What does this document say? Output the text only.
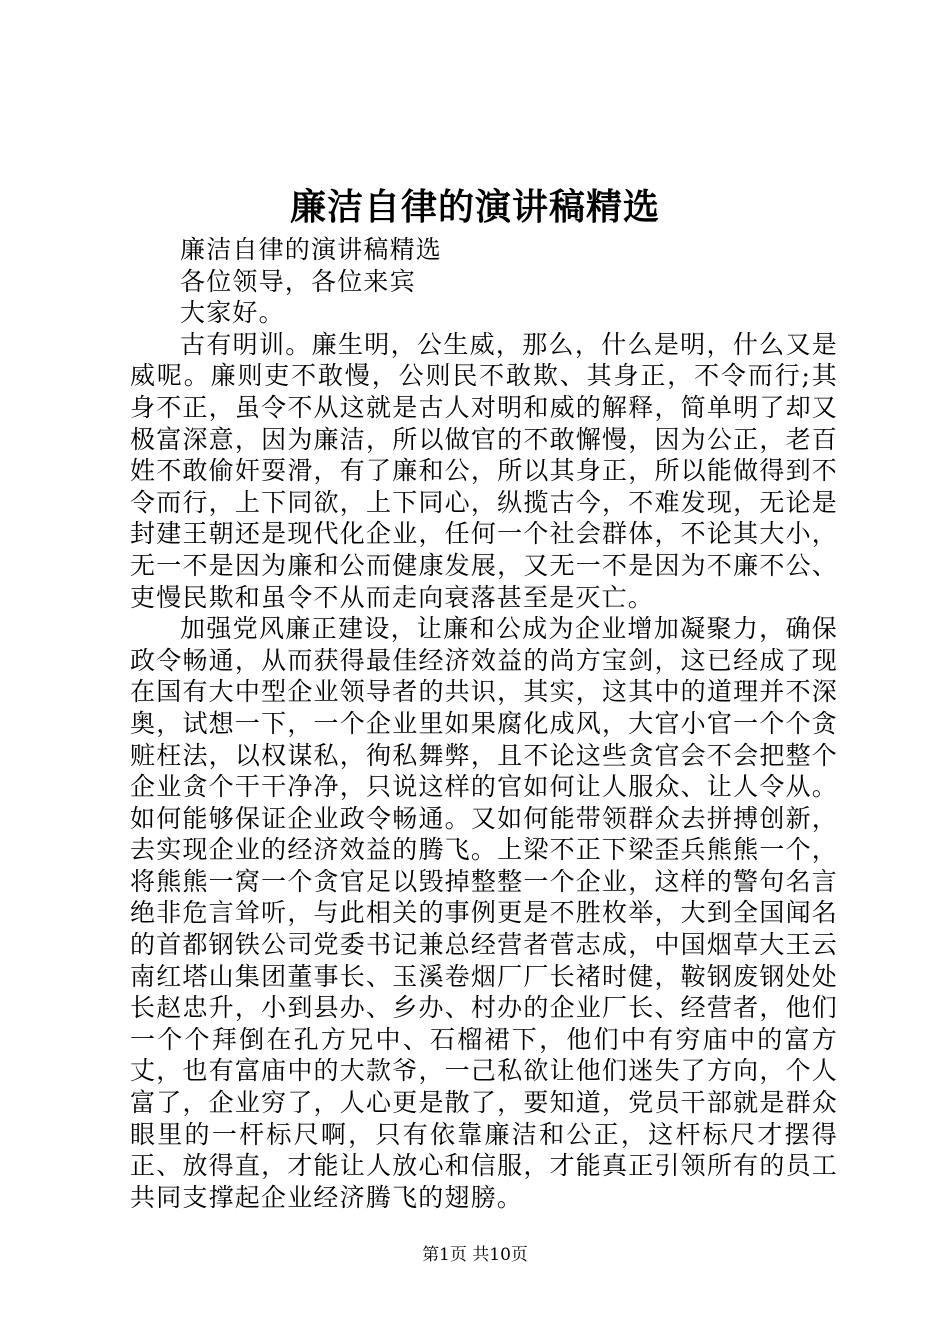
廉洁自律的演讲稿精选

廉洁自律的演讲稿精选

各位领导，各位来宾

大家好。

古有明训。廉生明，公生威，那么，什么是明，什么又是威呢。廉则吏不敢慢，公则民不敢欺、其身正，不令而行;其身不正，虽令不从这就是古人对明和威的解释，简单明了却又极富深意，因为廉洁，所以做官的不敢懈慢，因为公正，老百姓不敢偷奸耍滑，有了廉和公，所以其身正，所以能做得到不令而行，上下同欲，上下同心，纵揽古今，不难发现，无论是封建王朝还是现代化企业，任何一个社会群体，不论其大小，无一不是因为廉和公而健康发展，又无一不是因为不廉不公、吏慢民欺和虽令不从而走向衰落甚至是灭亡。

加强党风廉正建设，让廉和公成为企业增加凝聚力，确保政令畅通，从而获得最佳经济效益的尚方宝剑，这已经成了现在国有大中型企业领导者的共识，其实，这其中的道理并不深奥，试想一下，一个企业里如果腐化成风，大官小官一个个贪赃枉法，以权谋私，徇私舞弊，且不论这些贪官会不会把整个企业贪个干干净净，只说这样的官如何让人服众、让人令从。如何能够保证企业政令畅通。又如何能带领群众去拼搏创新，去实现企业的经济效益的腾飞。上梁不正下梁歪兵熊熊一个，将熊熊一窝一个贪官足以毁掉整整一个企业，这样的警句名言绝非危言耸听，与此相关的事例更是不胜枚举，大到全国闻名的首都钢铁公司党委书记兼总经营者菅志成，中国烟草大王云南红塔山集团董事长、玉溪卷烟厂厂长褚时健，鞍钢废钢处处长赵忠升，小到县办、乡办、村办的企业厂长、经营者，他们一个个拜倒在孔方兄中、石榴裙下，他们中有穷庙中的富方丈，也有富庙中的大款爷，一己私欲让他们迷失了方向，个人富了，企业穷了，人心更是散了，要知道，党员干部就是群众眼里的一杆标尺啊，只有依靠廉洁和公正，这杆标尺才摆得正、放得直，才能让人放心和信服，才能真正引领所有的员工共同支撑起企业经济腾飞的翅膀。

第1页 共10页
